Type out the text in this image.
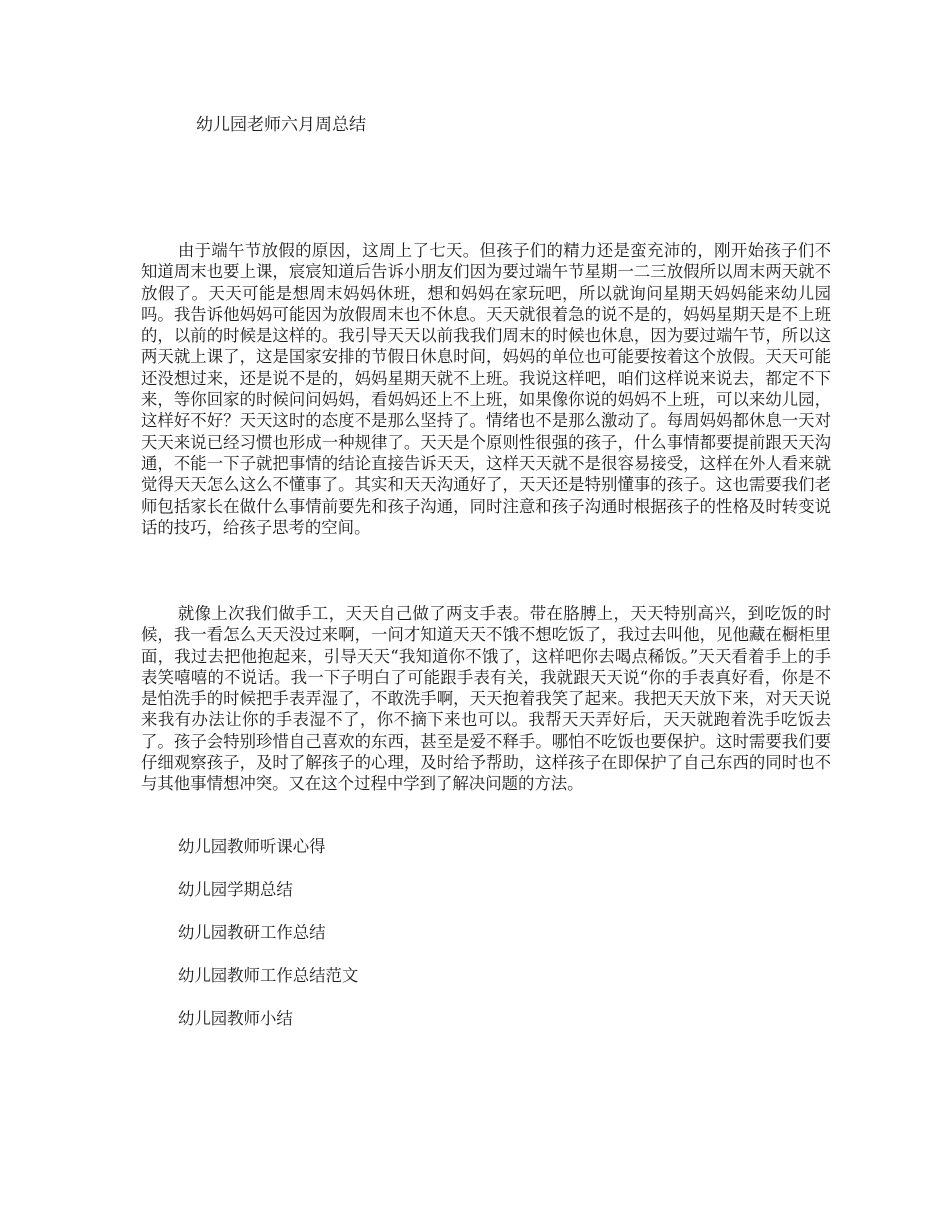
幼儿园老师六月周总结

由于端午节放假的原因，这周上了七天。但孩子们的精力还是蛮充沛的，刚开始孩子们不知道周末也要上课，宸宸知道后告诉小朋友们因为要过端午节星期一二三放假所以周末两天就不放假了。天天可能是想周末妈妈休班，想和妈妈在家玩吧，所以就询问星期天妈妈能来幼儿园吗。我告诉他妈妈可能因为放假周末也不休息。天天就很着急的说不是的，妈妈星期天是不上班的，以前的时候是这样的。我引导天天以前我我们周末的时候也休息，因为要过端午节，所以这两天就上课了，这是国家安排的节假日休息时间，妈妈的单位也可能要按着这个放假。天天可能还没想过来，还是说不是的，妈妈星期天就不上班。我说这样吧，咱们这样说来说去，都定不下来，等你回家的时候问问妈妈，看妈妈还上不上班，如果像你说的妈妈不上班，可以来幼儿园，这样好不好？天天这时的态度不是那么坚持了。情绪也不是那么激动了。每周妈妈都休息一天对天天来说已经习惯也形成一种规律了。天天是个原则性很强的孩子，什么事情都要提前跟天天沟通，不能一下子就把事情的结论直接告诉天天，这样天天就不是很容易接受，这样在外人看来就觉得天天怎么这么不懂事了。其实和天天沟通好了，天天还是特别懂事的孩子。这也需要我们老师包括家长在做什么事情前要先和孩子沟通，同时注意和孩子沟通时根据孩子的性格及时转变说话的技巧，给孩子思考的空间。

就像上次我们做手工，天天自己做了两支手表。带在胳膊上，天天特别高兴，到吃饭的时候，我一看怎么天天没过来啊，一问才知道天天不饿不想吃饭了，我过去叫他，见他藏在橱柜里面，我过去把他抱起来，引导天天“我知道你不饿了，这样吧你去喝点稀饭。”天天看着手上的手表笑嘻嘻的不说话。我一下子明白了可能跟手表有关，我就跟天天说“你的手表真好看，你是不是怕洗手的时候把手表弄湿了，不敢洗手啊，天天抱着我笑了起来。我把天天放下来，对天天说来我有办法让你的手表湿不了，你不摘下来也可以。我帮天天弄好后，天天就跑着洗手吃饭去了。孩子会特别珍惜自己喜欢的东西，甚至是爱不释手。哪怕不吃饭也要保护。这时需要我们要仔细观察孩子，及时了解孩子的心理，及时给予帮助，这样孩子在即保护了自己东西的同时也不与其他事情想冲突。又在这个过程中学到了解决问题的方法。

幼儿园教师听课心得
幼儿园学期总结
幼儿园教研工作总结
幼儿园教师工作总结范文
幼儿园教师小结
